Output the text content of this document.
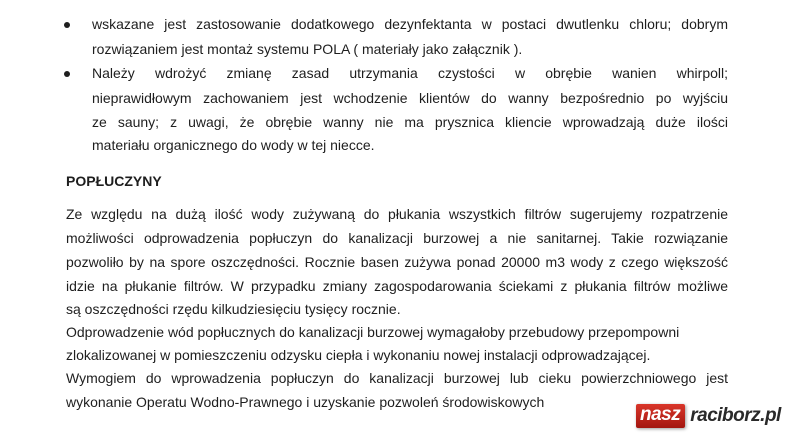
wskazane jest zastosowanie dodatkowego dezynfektanta w postaci dwutlenku chloru; dobrym
rozwiązaniem jest montaż systemu POLA ( materiały jako załącznik ).
Należy wdrożyć zmianę zasad utrzymania czystości w obrębie wanien whirpoll;
nieprawidłowym zachowaniem jest wchodzenie klientów do wanny bezpośrednio po wyjściu
ze sauny; z uwagi, że obrębie wanny nie ma prysznica kliencie wprowadzają duże ilości
materiału organicznego do wody w tej niecce.
POPŁUCZYNY
Ze względu na dużą ilość wody zużywaną do płukania wszystkich filtrów sugerujemy rozpatrzenie
możliwości odprowadzenia popłuczyn do kanalizacji burzowej a nie sanitarnej. Takie rozwiązanie
pozwoliło by na spore oszczędności. Rocznie basen zużywa ponad 20000 m3 wody z czego większość
idzie na płukanie filtrów. W przypadku zmiany zagospodarowania ściekami z płukania filtrów możliwe
są oszczędności rzędu kilkudziesięciu tysięcy rocznie.
Odprowadzenie wód popłucznych do kanalizacji burzowej wymagałoby przebudowy przepompowni
zlokalizowanej w pomieszczeniu odzysku ciepła i wykonaniu nowej instalacji odprowadzającej.
Wymogiem do wprowadzenia popłuczyn do kanalizacji burzowej lub cieku powierzchniowego jest
wykonanie Operatu Wodno-Prawnego i uzyskanie pozwoleń środowiskowych
nasz raciborz.pl
